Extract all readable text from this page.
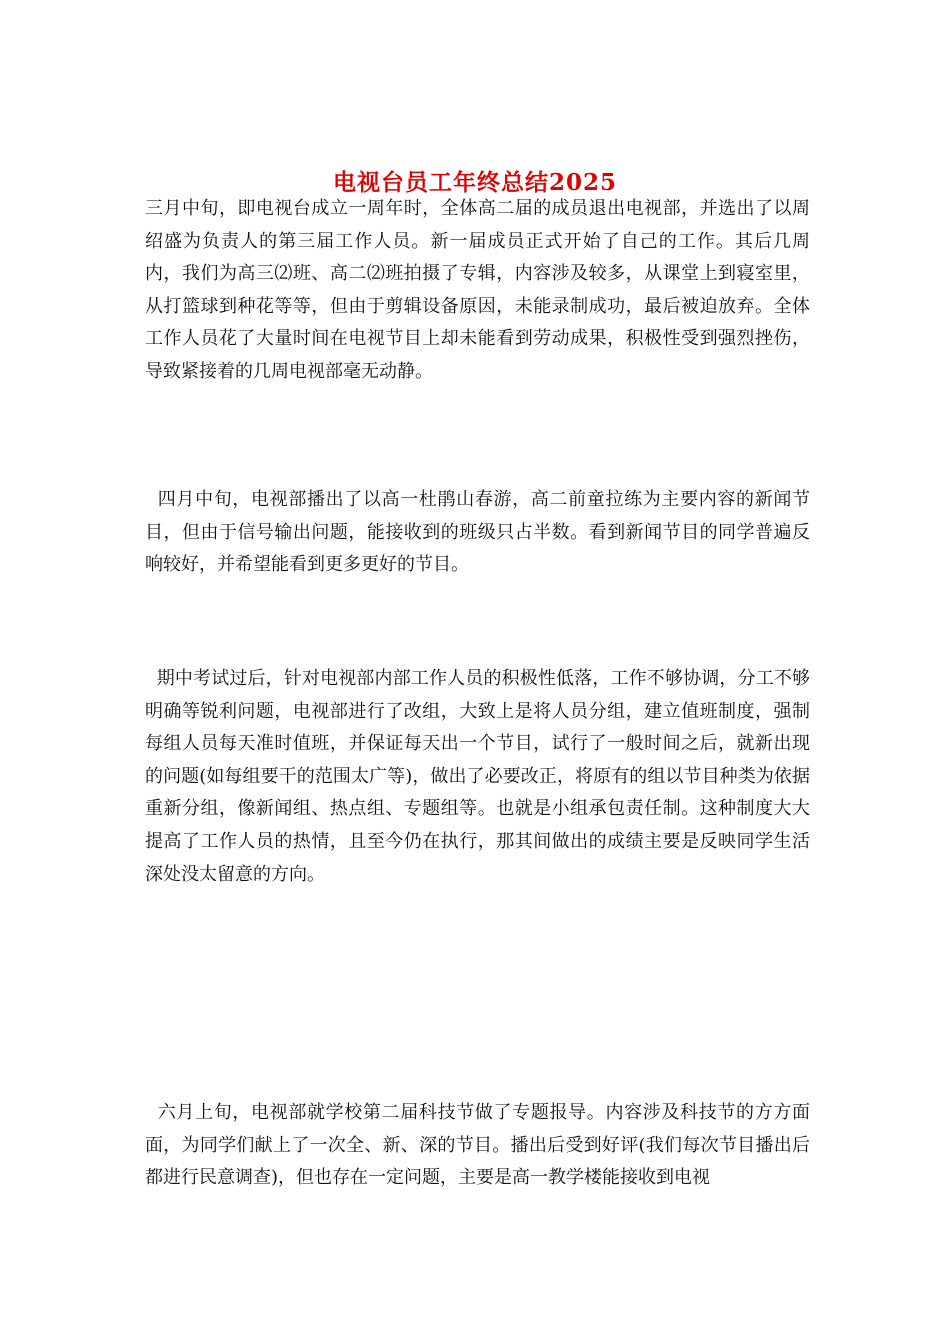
电视台员工年终总结2025

三月中旬，即电视台成立一周年时，全体高二届的成员退出电视部，并选出了以周绍盛为负责人的第三届工作人员。新一届成员正式开始了自己的工作。其后几周内，我们为高三⑵班、高二⑵班拍摄了专辑，内容涉及较多，从课堂上到寝室里，从打篮球到种花等等，但由于剪辑设备原因，未能录制成功，最后被迫放弃。全体工作人员花了大量时间在电视节目上却未能看到劳动成果，积极性受到强烈挫伤，导致紧接着的几周电视部毫无动静。

四月中旬，电视部播出了以高一杜鹃山春游，高二前童拉练为主要内容的新闻节目，但由于信号输出问题，能接收到的班级只占半数。看到新闻节目的同学普遍反响较好，并希望能看到更多更好的节目。

期中考试过后，针对电视部内部工作人员的积极性低落，工作不够协调，分工不够明确等锐利问题，电视部进行了改组，大致上是将人员分组，建立值班制度，强制每组人员每天准时值班，并保证每天出一个节目，试行了一般时间之后，就新出现的问题(如每组要干的范围太广等)，做出了必要改正，将原有的组以节目种类为依据重新分组，像新闻组、热点组、专题组等。也就是小组承包责任制。这种制度大大提高了工作人员的热情，且至今仍在执行，那其间做出的成绩主要是反映同学生活深处没太留意的方向。

六月上旬，电视部就学校第二届科技节做了专题报导。内容涉及科技节的方方面面，为同学们献上了一次全、新、深的节目。播出后受到好评(我们每次节目播出后都进行民意调查)，但也存在一定问题，主要是高一教学楼能接收到电视
